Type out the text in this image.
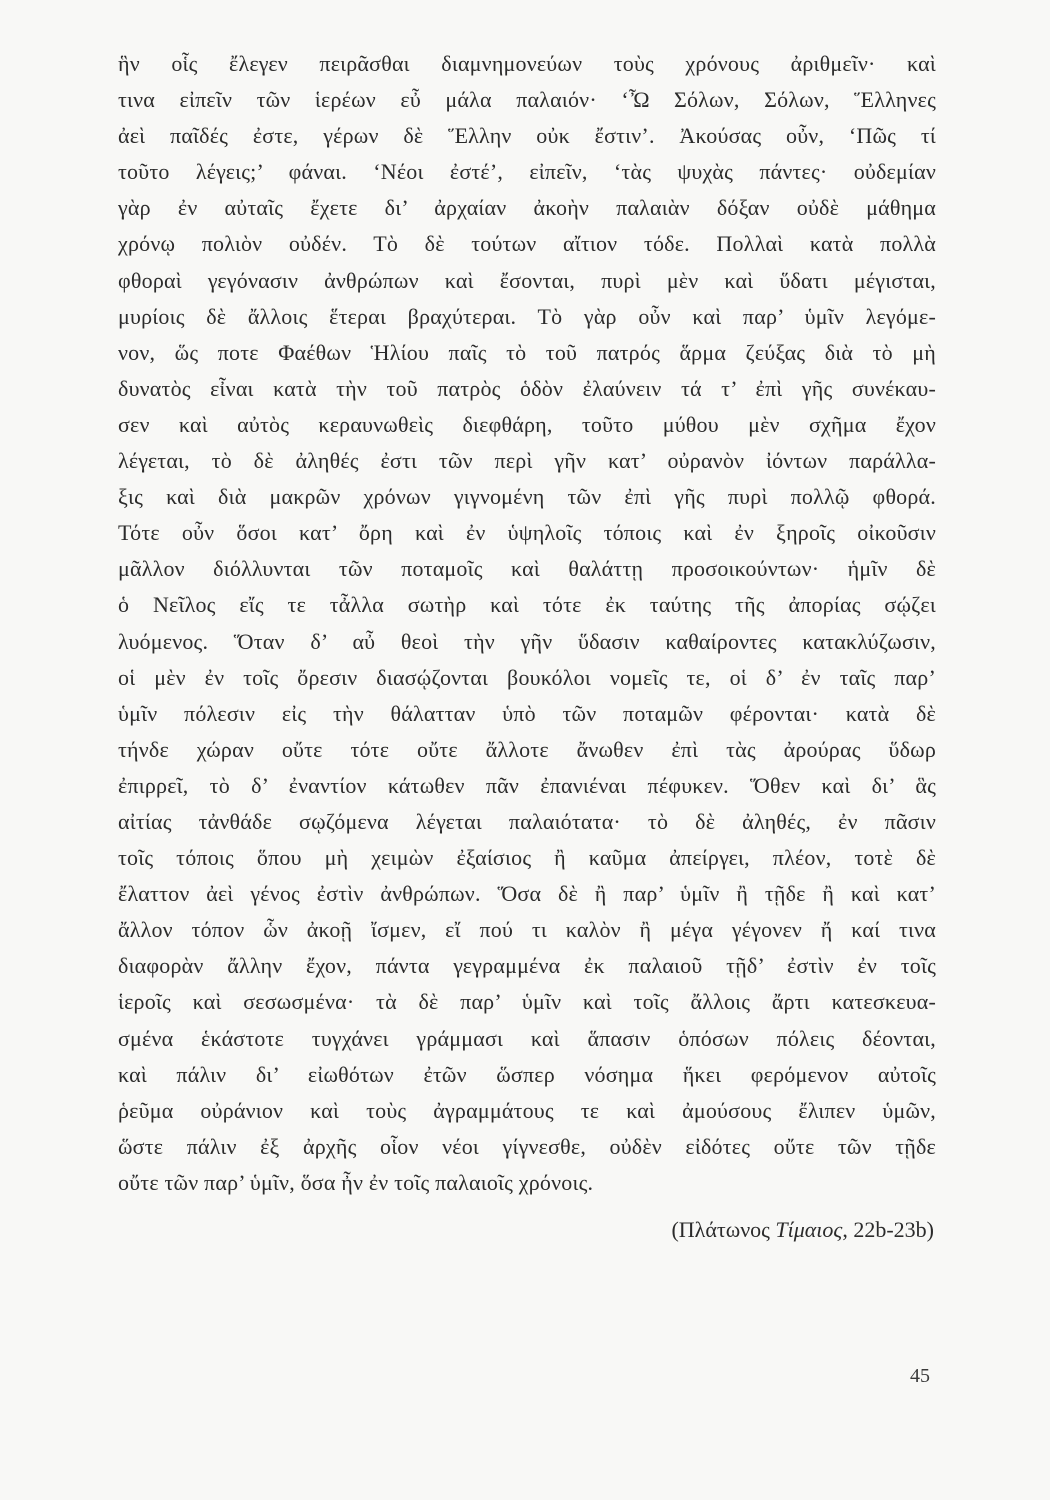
ἣν οἷς ἔλεγεν πειρᾶσθαι διαμνημονεύων τοὺς χρόνους ἀριθμεῖν· καὶ
τινα εἰπεῖν τῶν ἱερέων εὖ μάλα παλαιόν· ‘Ὦ Σόλων, Σόλων, Ἕλληνες
ἀεὶ παῖδές ἐστε, γέρων δὲ Ἕλλην οὐκ ἔστιν’. Ἀκούσας οὖν, ‘Πῶς τί
τοῦτο λέγεις;’ φάναι. ‘Νέοι ἐστέ’, εἰπεῖν, ‘τὰς ψυχὰς πάντες· οὐδεμίαν
γὰρ ἐν αὐταῖς ἔχετε δι’ ἀρχαίαν ἀκοὴν παλαιὰν δόξαν οὐδὲ μάθημα
χρόνῳ πολιὸν οὐδέν. Τὸ δὲ τούτων αἴτιον τόδε. Πολλαὶ κατὰ πολλὰ
φθοραὶ γεγόνασιν ἀνθρώπων καὶ ἔσονται, πυρὶ μὲν καὶ ὕδατι μέγισται,
μυρίοις δὲ ἄλλοις ἕτεραι βραχύτεραι. Τὸ γὰρ οὖν καὶ παρ’ ὑμῖν λεγόμε-
νον, ὥς ποτε Φαέθων Ἡλίου παῖς τὸ τοῦ πατρός ἅρμα ζεύξας διὰ τὸ μὴ
δυνατὸς εἶναι κατὰ τὴν τοῦ πατρὸς ὁδὸν ἐλαύνειν τά τ’ ἐπὶ γῆς συνέκαυ-
σεν καὶ αὐτὸς κεραυνωθεὶς διεφθάρη, τοῦτο μύθου μὲν σχῆμα ἔχον
λέγεται, τὸ δὲ ἀληθές ἐστι τῶν περὶ γῆν κατ’ οὐρανὸν ἰόντων παράλλα-
ξις καὶ διὰ μακρῶν χρόνων γιγνομένη τῶν ἐπὶ γῆς πυρὶ πολλῷ φθορά.
Τότε οὖν ὅσοι κατ’ ὄρη καὶ ἐν ὑψηλοῖς τόποις καὶ ἐν ξηροῖς οἰκοῦσιν
μᾶλλον διόλλυνται τῶν ποταμοῖς καὶ θαλάττῃ προσοικούντων· ἡμῖν δὲ
ὁ Νεῖλος εἴς τε τἆλλα σωτὴρ καὶ τότε ἐκ ταύτης τῆς ἀπορίας σῴζει
λυόμενος. Ὅταν δ’ αὖ θεοὶ τὴν γῆν ὕδασιν καθαίροντες κατακλύζωσιν,
οἱ μὲν ἐν τοῖς ὄρεσιν διασῴζονται βουκόλοι νομεῖς τε, οἱ δ’ ἐν ταῖς παρ’
ὑμῖν πόλεσιν εἰς τὴν θάλατταν ὑπὸ τῶν ποταμῶν φέρονται· κατὰ δὲ
τήνδε χώραν οὔτε τότε οὔτε ἄλλοτε ἄνωθεν ἐπὶ τὰς ἀρούρας ὕδωρ
ἐπιρρεῖ, τὸ δ’ ἐναντίον κάτωθεν πᾶν ἐπανιέναι πέφυκεν. Ὅθεν καὶ δι’ ἃς
αἰτίας τἀνθάδε σῳζόμενα λέγεται παλαιότατα· τὸ δὲ ἀληθές, ἐν πᾶσιν
τοῖς τόποις ὅπου μὴ χειμὼν ἐξαίσιος ἢ καῦμα ἀπείργει, πλέον, τοτὲ δὲ
ἔλαττον ἀεὶ γένος ἐστὶν ἀνθρώπων. Ὅσα δὲ ἢ παρ’ ὑμῖν ἢ τῇδε ἢ καὶ κατ’
ἄλλον τόπον ὧν ἀκοῇ ἴσμεν, εἴ πού τι καλὸν ἢ μέγα γέγονεν ἤ καί τινα
διαφορὰν ἄλλην ἔχον, πάντα γεγραμμένα ἐκ παλαιοῦ τῇδ’ ἐστὶν ἐν τοῖς
ἱεροῖς καὶ σεσωσμένα· τὰ δὲ παρ’ ὑμῖν καὶ τοῖς ἄλλοις ἄρτι κατεσκευα-
σμένα ἑκάστοτε τυγχάνει γράμμασι καὶ ἅπασιν ὁπόσων πόλεις δέονται,
καὶ πάλιν δι’ εἰωθότων ἐτῶν ὥσπερ νόσημα ἥκει φερόμενον αὐτοῖς
ῥεῦμα οὐράνιον καὶ τοὺς ἀγραμμάτους τε καὶ ἀμούσους ἔλιπεν ὑμῶν,
ὥστε πάλιν ἐξ ἀρχῆς οἷον νέοι γίγνεσθε, οὐδὲν εἰδότες οὔτε τῶν τῇδε
οὔτε τῶν παρ’ ὑμῖν, ὅσα ἦν ἐν τοῖς παλαιοῖς χρόνοις.
(Πλάτωνος Τίμαιος, 22b-23b)
45
